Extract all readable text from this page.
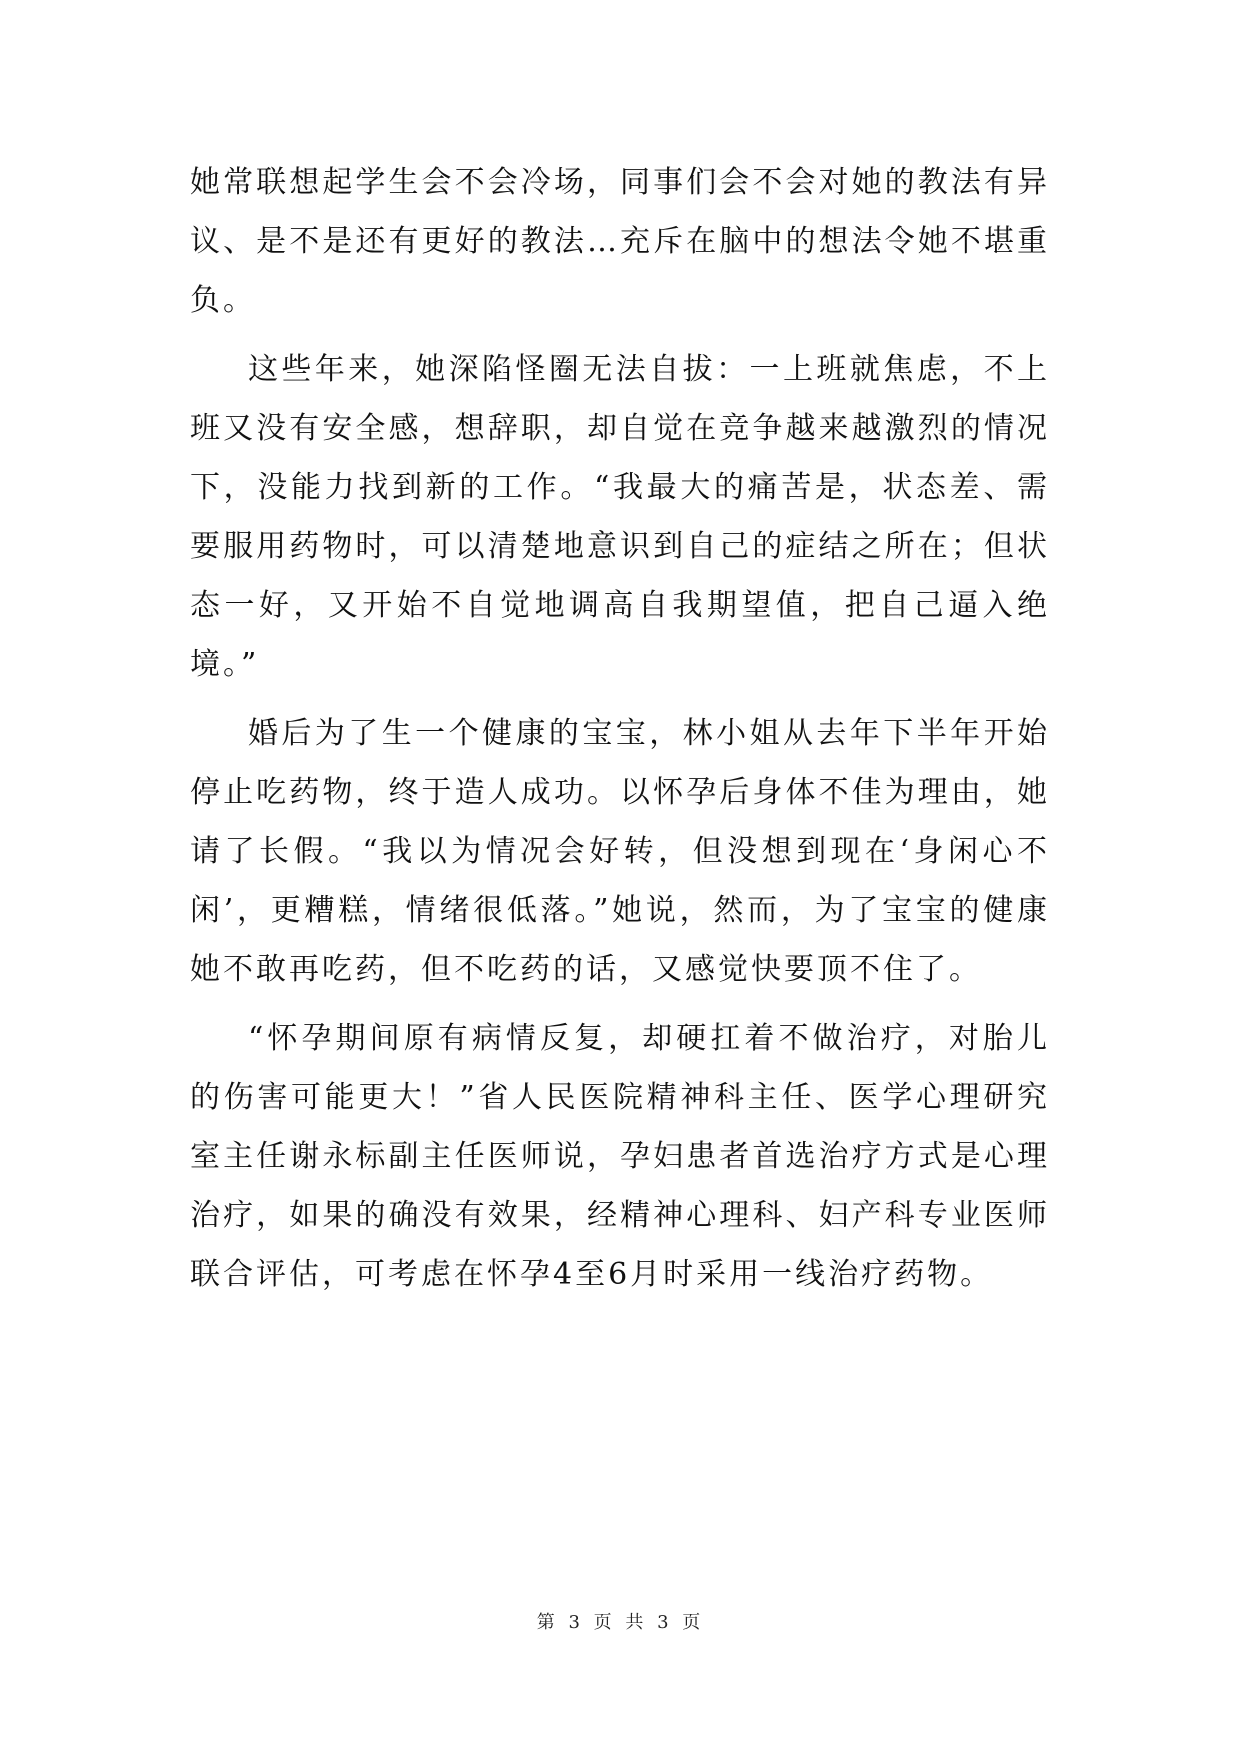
她常联想起学生会不会冷场，同事们会不会对她的教法有异议、是不是还有更好的教法…充斥在脑中的想法令她不堪重负。

这些年来，她深陷怪圈无法自拔：一上班就焦虑，不上班又没有安全感，想辞职，却自觉在竞争越来越激烈的情况下，没能力找到新的工作。“我最大的痛苦是，状态差、需要服用药物时，可以清楚地意识到自己的症结之所在；但状态一好，又开始不自觉地调高自我期望值，把自己逼入绝境。”

婚后为了生一个健康的宝宝，林小姐从去年下半年开始停止吃药物，终于造人成功。以怀孕后身体不佳为理由，她请了长假。“我以为情况会好转，但没想到现在‘身闲心不闲’，更糟糕，情绪很低落。”她说，然而，为了宝宝的健康她不敢再吃药，但不吃药的话，又感觉快要顶不住了。

“怀孕期间原有病情反复，却硬扛着不做治疗，对胎儿的伤害可能更大！”省人民医院精神科主任、医学心理研究室主任谢永标副主任医师说，孕妇患者首选治疗方式是心理治疗，如果的确没有效果，经精神心理科、妇产科专业医师联合评估，可考虑在怀孕4至6月时采用一线治疗药物。

第 3 页 共 3 页
